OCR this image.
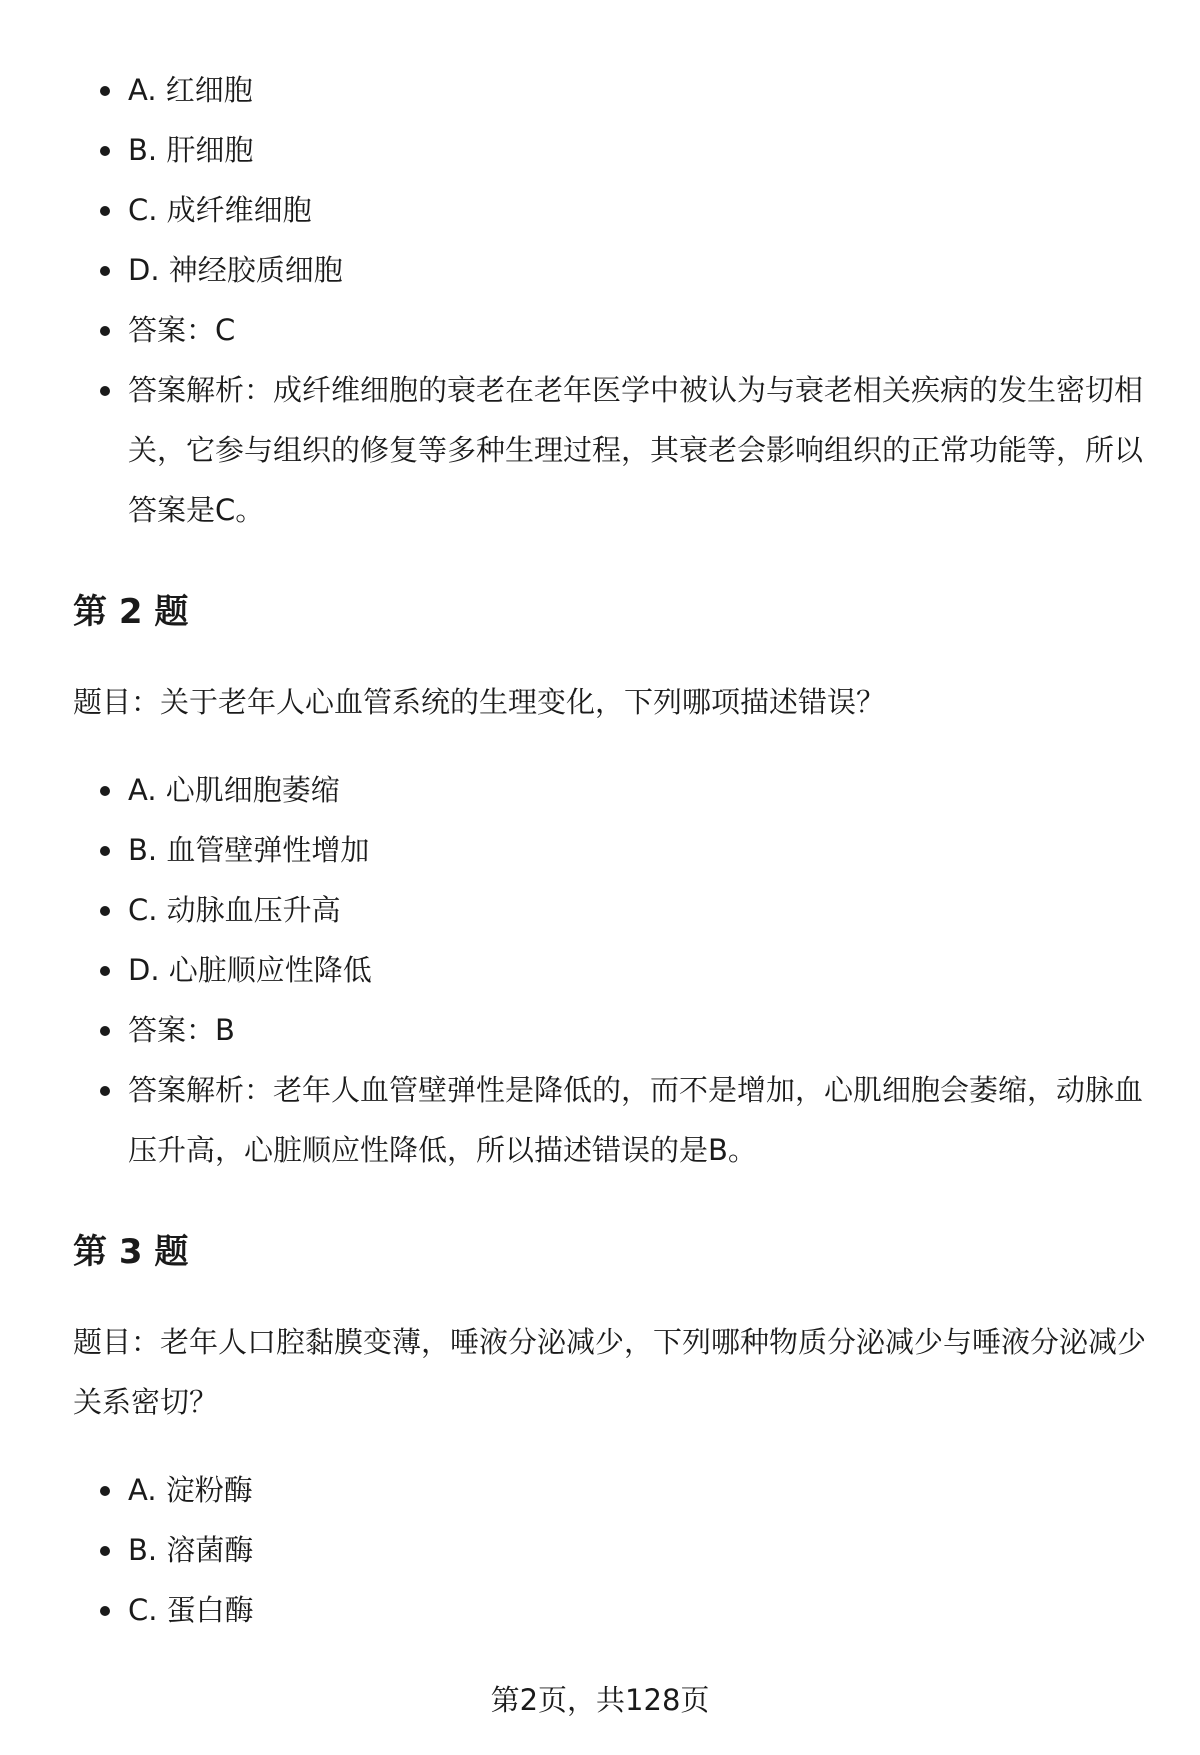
A. 红细胞
B. 肝细胞
C. 成纤维细胞
D. 神经胶质细胞
答案：C
答案解析：成纤维细胞的衰老在老年医学中被认为与衰老相关疾病的发生密切相关，它参与组织的修复等多种生理过程，其衰老会影响组织的正常功能等，所以答案是C。
第 2 题

题目：关于老年人心血管系统的生理变化，下列哪项描述错误？

A. 心肌细胞萎缩
B. 血管壁弹性增加
C. 动脉血压升高
D. 心脏顺应性降低
答案：B
答案解析：老年人血管壁弹性是降低的，而不是增加，心肌细胞会萎缩，动脉血压升高，心脏顺应性降低，所以描述错误的是B。
第 3 题

题目：老年人口腔黏膜变薄，唾液分泌减少，下列哪种物质分泌减少与唾液分泌减少关系密切？

A. 淀粉酶
B. 溶菌酶
C. 蛋白酶
第2页，共128页
